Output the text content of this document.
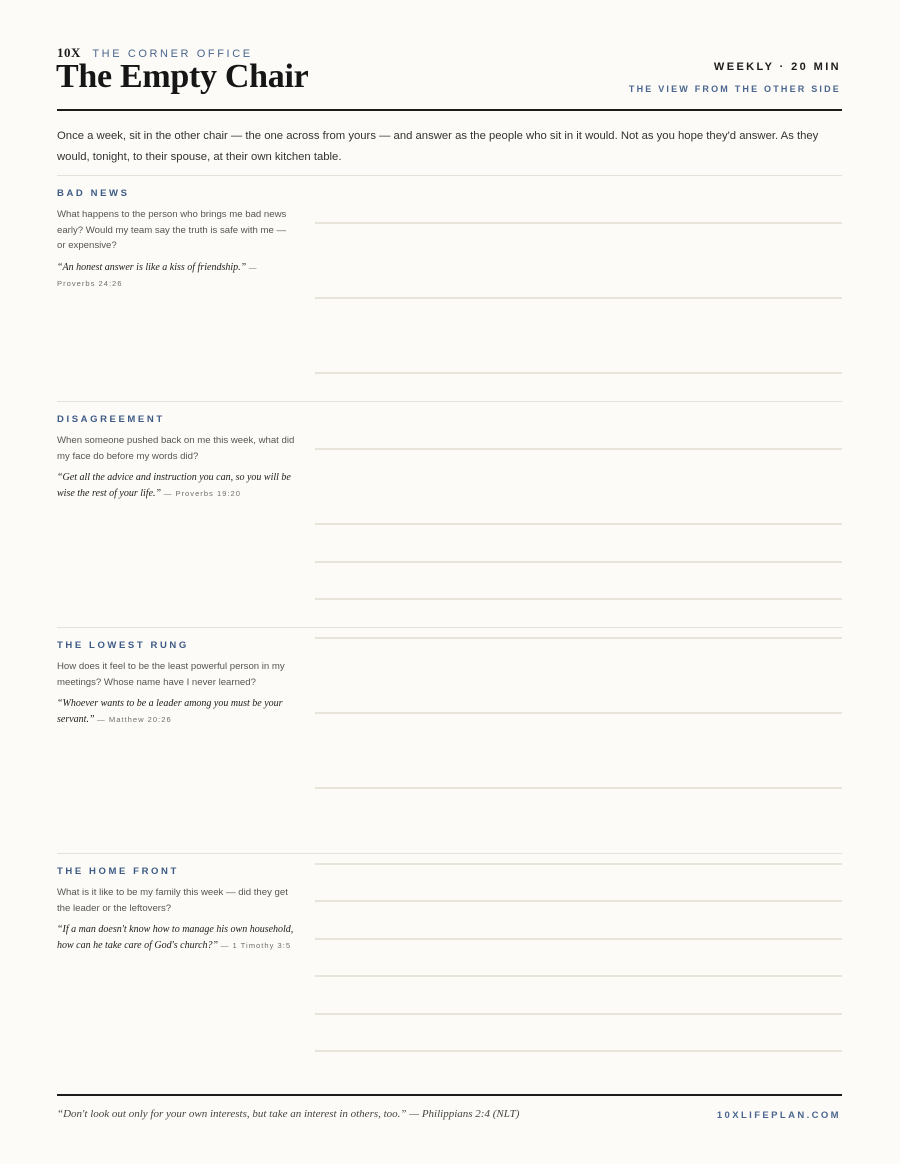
10X THE CORNER OFFICE
The Empty Chair	WEEKLY · 20 MIN
THE VIEW FROM THE OTHER SIDE

Once a week, sit in the other chair — the one across from yours — and answer as the people who sit in it would. Not as you hope they'd answer. As they would, tonight, to their spouse, at their own kitchen table.

BAD NEWS

What happens to the person who brings me bad news early? Would my team say the truth is safe with me — or expensive?

“An honest answer is like a kiss of friendship.” — Proverbs 24:26

DISAGREEMENT

When someone pushed back on me this week, what did my face do before my words did?

“Get all the advice and instruction you can, so you will be wise the rest of your life.” — Proverbs 19:20

THE LOWEST RUNG

How does it feel to be the least powerful person in my meetings? Whose name have I never learned?

“Whoever wants to be a leader among you must be your servant.” — Matthew 20:26

THE HOME FRONT

What is it like to be my family this week — did they get the leader or the leftovers?

“If a man doesn't know how to manage his own household, how can he take care of God's church?” — 1 Timothy 3:5

“Don't look out only for your own interests, but take an interest in others, too.” — Philippians 2:4 (NLT)	10XLIFEPLAN.COM
